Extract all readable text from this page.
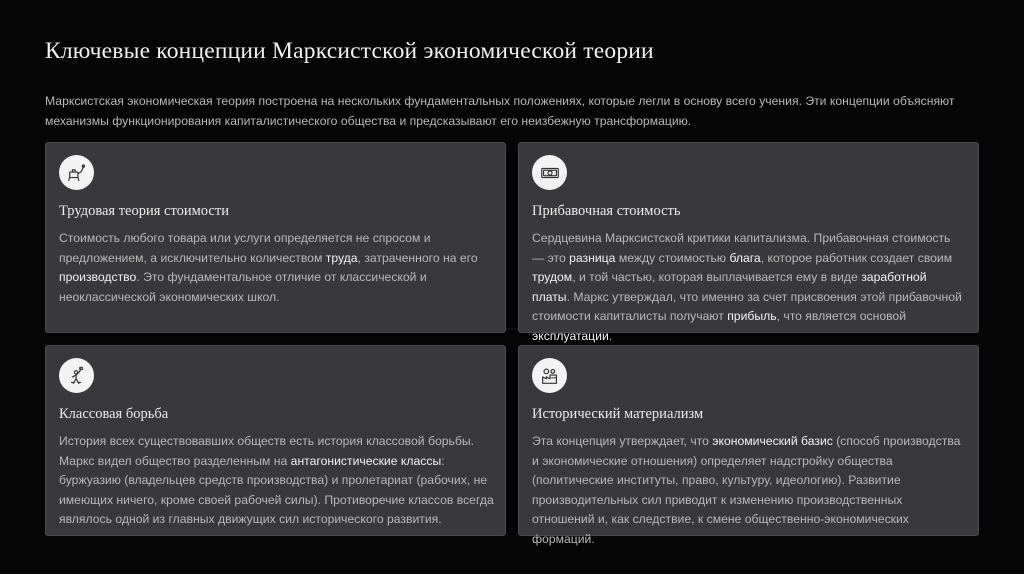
Ключевые концепции Марксистской экономической теории
Марксистская экономическая теория построена на нескольких фундаментальных положениях, которые легли в основу всего учения. Эти концепции объясняют механизмы функционирования капиталистического общества и предсказывают его неизбежную трансформацию.
Трудовая теория стоимости
Стоимость любого товара или услуги определяется не спросом и предложением, а исключительно количеством труда, затраченного на его производство. Это фундаментальное отличие от классической и неоклассической экономических школ.
Прибавочная стоимость
Сердцевина Марксистской критики капитализма. Прибавочная стоимость — это разница между стоимостью блага, которое работник создает своим трудом, и той частью, которая выплачивается ему в виде заработной платы. Маркс утверждал, что именно за счет присвоения этой прибавочной стоимости капиталисты получают прибыль, что является основой эксплуатации.
Классовая борьба
История всех существовавших обществ есть история классовой борьбы. Маркс видел общество разделенным на антагонистические классы: буржуазию (владельцев средств производства) и пролетариат (рабочих, не имеющих ничего, кроме своей рабочей силы). Противоречие классов всегда являлось одной из главных движущих сил исторического развития.
Исторический материализм
Эта концепция утверждает, что экономический базис (способ производства и экономические отношения) определяет надстройку общества (политические институты, право, культуру, идеологию). Развитие производительных сил приводит к изменению производственных отношений и, как следствие, к смене общественно-экономических формаций.
